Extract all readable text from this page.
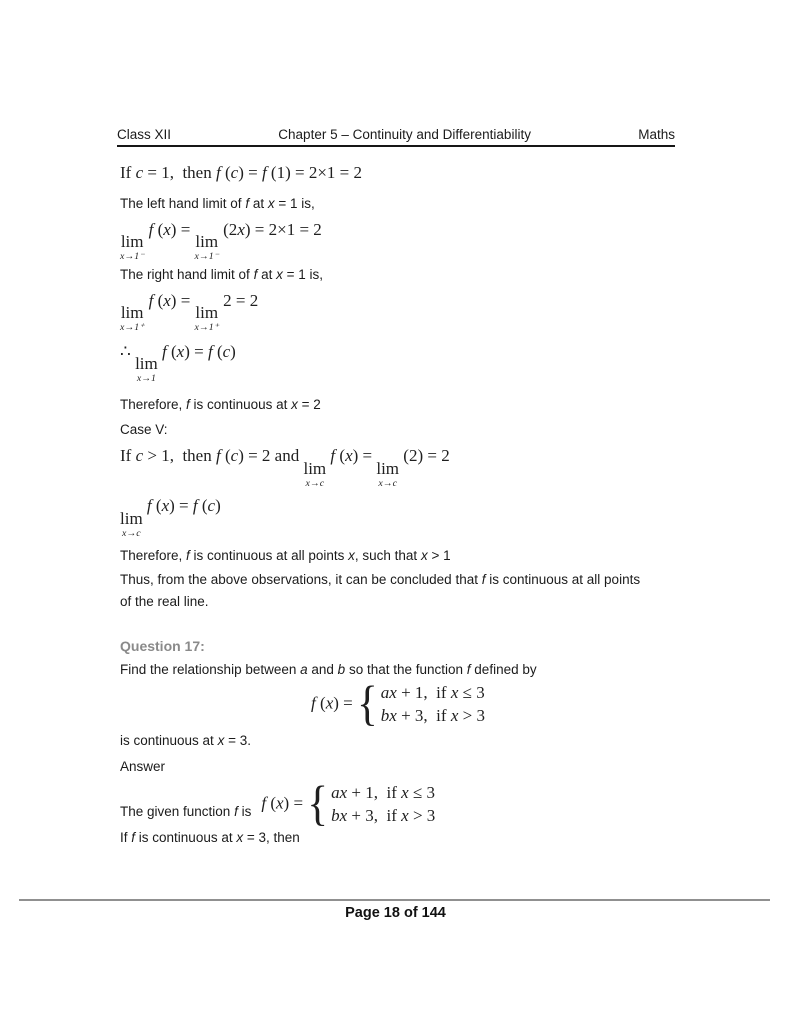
Class XII	Chapter 5 – Continuity and Differentiability	Maths

If c = 1, then f (c) = f (1) = 2×1 = 2

The left hand limit of f at x = 1 is,

lim
x→1⁻
f (x) =
lim
x→1⁻
(2x) = 2×1 = 2

The right hand limit of f at x = 1 is,

lim
x→1⁺
f (x) =
lim
x→1⁺
2 = 2

∴
lim
x→1
f (x) = f (c)

Therefore, f is continuous at x = 2

Case V:

If c > 1, then f (c) = 2 and
lim
x→c
f (x) =
lim
x→c
(2) = 2

lim
x→c
f (x) = f (c)

Therefore, f is continuous at all points x, such that x > 1

Thus, from the above observations, it can be concluded that f is continuous at all points

of the real line.

Question 17:

Find the relationship between a and b so that the function f defined by

f (x) = { ax + 1, if x ≤ 3
bx + 3, if x > 3

is continuous at x = 3.

Answer

The given function f is f (x) = { ax + 1, if x ≤ 3
bx + 3, if x > 3

If f is continuous at x = 3, then

Page 18 of 144
